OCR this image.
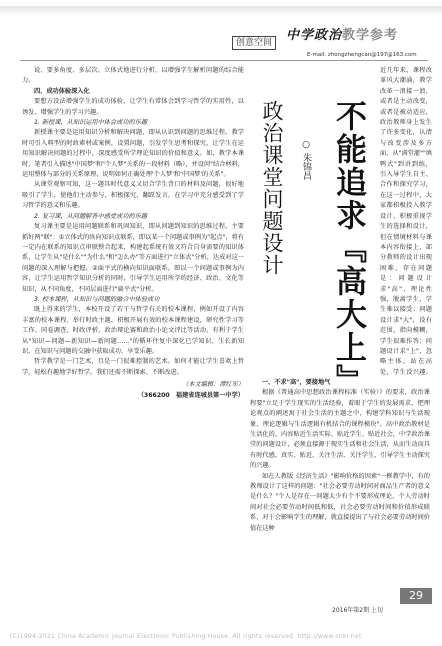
创意空间	中学政治教学参考
E-mail: zhongzhengcan@197@163.com

说、要多角度、多层次、立体式地进行分析，以增强学生解析问题的综合能力。

四、成功体验深入化

要想方设法增强学生的成功体验，让学生有常体会到学习哲学的实用性，以诱发、增强学生的学习兴趣。

1. 新授课，从知识运用中体会成功的乐趣

新授课主要是运用知识分析和解决问题，即从认识到问题的思维过程。教学时可引入典型的时政素材或案例，设置问题，引发学生思考和探究，让学生在运用知识解决问题的过程中，深度感受所学理论知识的价值和意义。如，教学本课时，笔者引入描述"中国梦"和"个人梦"关系的一段材料（略），并设问"结合材料，运用整体与部分的关系原理，说明如何正确处理'个人梦'和'中国梦'的关系"。

从课堂观察可知，这一题具时代意义又切合学生背口的材料及问题，很好地吸引了学生，使他们主动参与，积极探究，翻跃发言，在学习中充分感受到了学习哲学的意义和乐趣。

2. 复习课，从问题解答中感受成功的乐趣

复习课主要是运用问题联系和巩固知识，即从问题到知识的思维过程，主要抓好两"联"：①立体式的纵向知识点联系，即以某一个问题或事例为"起点"，将有一定内在联系的知识点串联整合起来，构建起系统有效又符合自身需要的知识体系，让学生从"是什么""为什么"和"怎么办"等方面进行"立体式"分析，达成对这一问题的深入理解与把握。②面平式的横向知识面联系。即以一个问题或事例为内容，让学生运用哲学知识分析的同时，引导学生运用所学的经济、政治、文化等知识，从不同角度，不同层面进行"扁平式"分析。

3. 校本课程，从知识与问题的融合中体验成功

既上得来的学生，本校开设了若干与哲学有关的校本课程，例如开设了内容丰富的校本课程、举行时政主题、积极开展有效的校本课程建设，研究性学习等工作。同卷调查、时政评析、政治辩论赛和政治小论文评比等活动，有利于学生从"知识—问题—新知识—新问题……"的循环往复中深化已学知识、生长新知识，在知识与问题的交融中获取成功、享受乐趣。

哲学教学是一门艺术，且是一门很难控制的艺术。如何才能让学生喜欢上哲学，轻松有趣地学好哲学，我们还需不断探索、不断改进。

（本文编辑：谭红军）

（366200　福建省连城县第一中学）

政治课堂问题设计 不能追求『高大上』
○ 朱锦昌
近几年来，课程改革风大潮涌，教学改革一浪接一浪，或者是主动改变，或者是被动适应，政治教师身上发生了许多变化，认清与改变涉及多方面，从"满堂灌""填鸭式"到讲到练，引入导学生自主、合作和探究学习，在这一过程中，大家都积极投入教学设计，积极重视学生的选择和设计，但在情境材料与课本内容衔接上，部分教师的设计出现困难，存在问题是：问题设计求"高"、理论性强，脱离学生，学生难以接受；问题设计求"大"，没有范围，指向模糊，学生很难作答；问题设计求"上"，忽略主体，站在高处，学生没兴趣。

一、不求"高"，要接地气

根据《普通高中思想政治课程标准（实验）》的要求，政治课程要"立足于学生现实的生活经验，着眼于学生的发展需求，把理论观点的阐述寓于社会生活的主题之中，构建学科知识与生活现象、理论逻辑与生活逻辑有机结合的课程模块"。高中政治教材是生活化的，内容贴近生活实际、贴近学生、贴近社会，中学政治课堂的问题设计，必须直接源于现实生活和社会生活，从而生动而具有时代感，真实、贴近，关注生活、关注学生，引导学生主动探究的兴趣。

如在人教版《经济生活》"影响价格的因素"一框教学中，有的教师设计了这样的问题："社会必要劳动时间对商品生产者的意义是什么？"个人是存在一问题太少有个不要形成理论，个人劳动时间对社会必要劳动时间低和低，社会必要劳动时间和价值形成联系，对于会影响学生的理解，就直接提出了与社会必要劳动时间价值在这种

29
2016年第2期 上旬
(C)1994-2021 China Academic Journal Electronic Publishing House. All rights reserved. http://www.cnki.net
